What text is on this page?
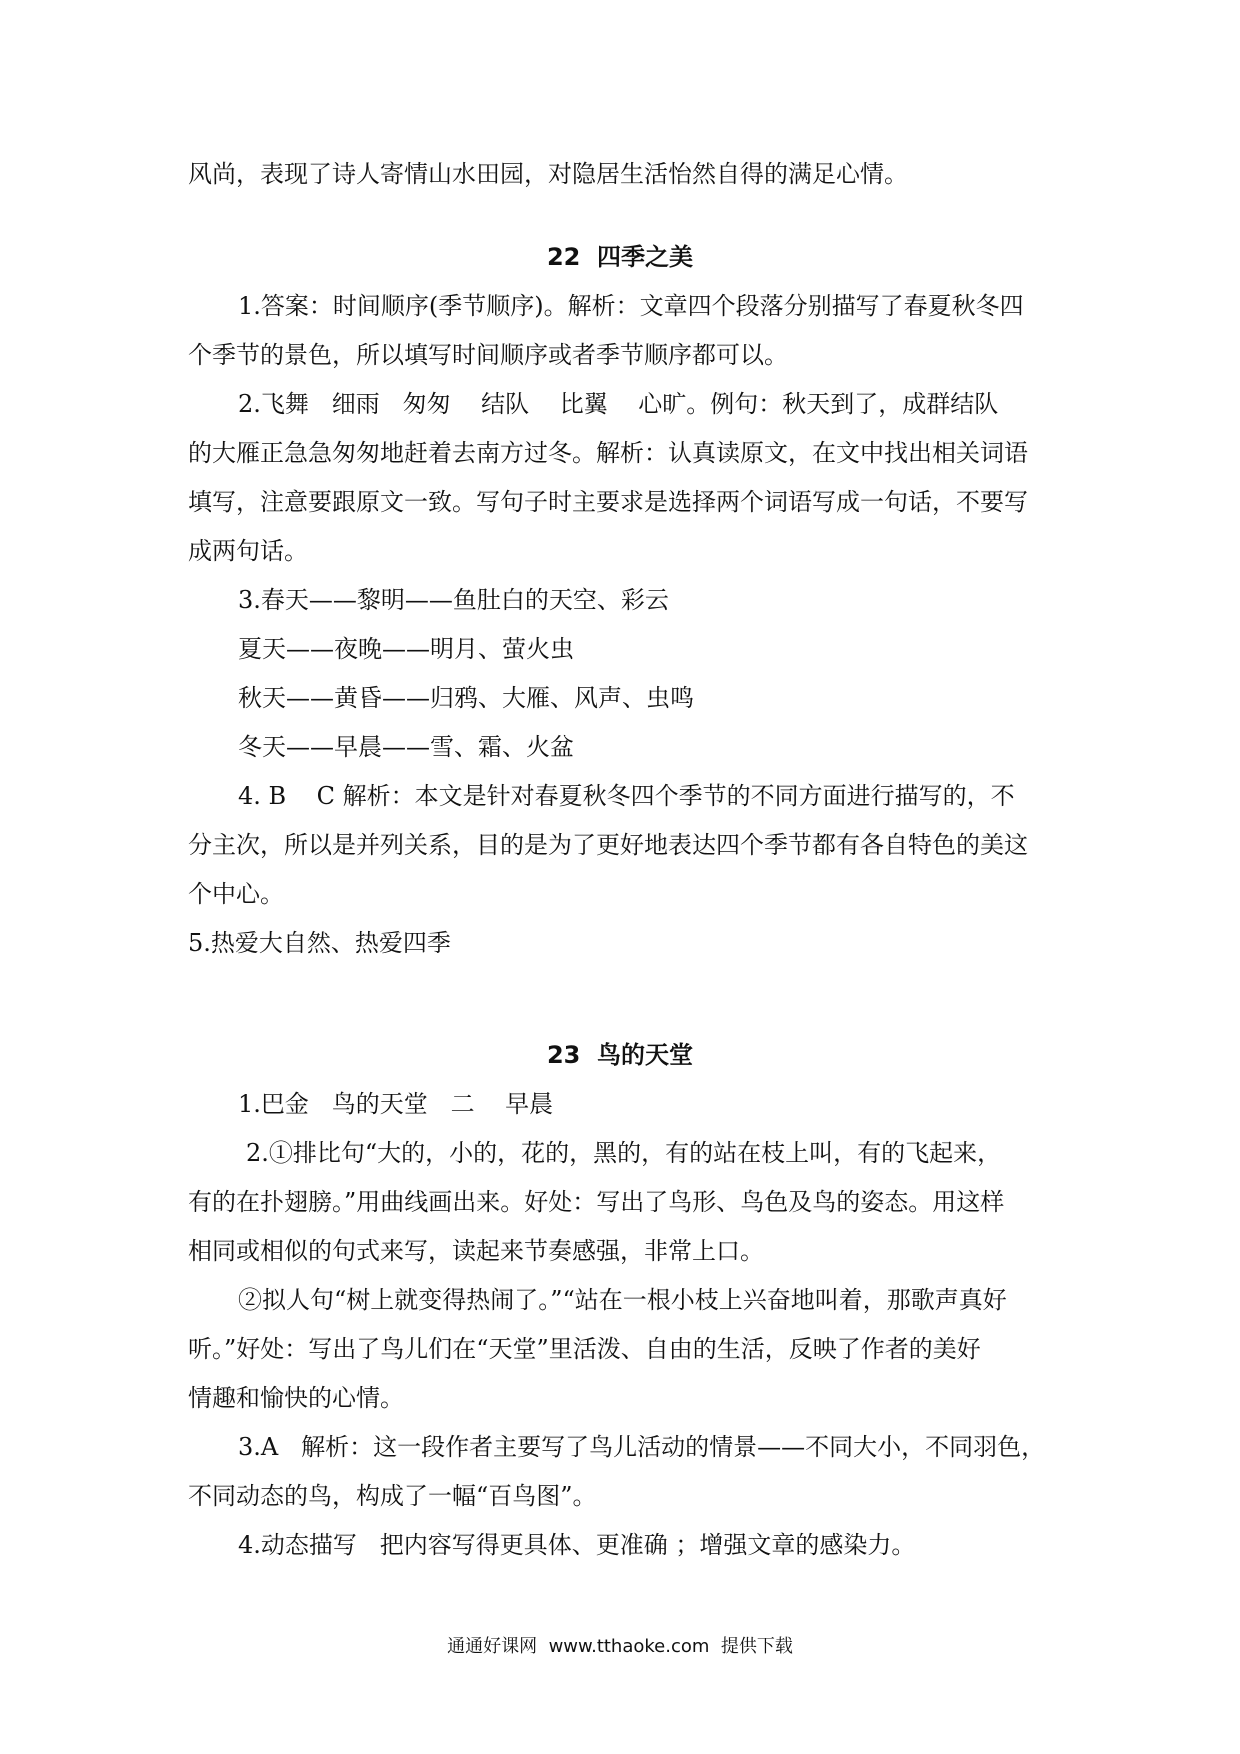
风尚，表现了诗人寄情山水田园，对隐居生活怡然自得的满足心情。
22  四季之美
1.答案：时间顺序(季节顺序)。解析：文章四个段落分别描写了春夏秋冬四
个季节的景色，所以填写时间顺序或者季节顺序都可以。
2.飞舞   细雨   匆匆    结队    比翼    心旷。例句：秋天到了，成群结队
的大雁正急急匆匆地赶着去南方过冬。解析：认真读原文，在文中找出相关词语
填写，注意要跟原文一致。写句子时主要求是选择两个词语写成一句话，不要写
成两句话。
3.春天——黎明——鱼肚白的天空、彩云
夏天——夜晚——明月、萤火虫
秋天——黄昏——归鸦、大雁、风声、虫鸣
冬天——早晨——雪、霜、火盆
4. B    C 解析：本文是针对春夏秋冬四个季节的不同方面进行描写的，不
分主次，所以是并列关系，目的是为了更好地表达四个季节都有各自特色的美这
个中心。
5.热爱大自然、热爱四季
23  鸟的天堂
1.巴金   鸟的天堂   二    早晨
2.①排比句“大的，小的，花的，黑的，有的站在枝上叫，有的飞起来，
有的在扑翅膀。”用曲线画出来。好处：写出了鸟形、鸟色及鸟的姿态。用这样
相同或相似的句式来写，读起来节奏感强，非常上口。
②拟人句“树上就变得热闹了。”“站在一根小枝上兴奋地叫着，那歌声真好
听。”好处：写出了鸟儿们在“天堂”里活泼、自由的生活，反映了作者的美好
情趣和愉快的心情。
3.A   解析：这一段作者主要写了鸟儿活动的情景——不同大小，不同羽色，
不同动态的鸟，构成了一幅“百鸟图”。
4.动态描写   把内容写得更具体、更准确 ；增强文章的感染力。
通通好课网  www.tthaoke.com  提供下载
